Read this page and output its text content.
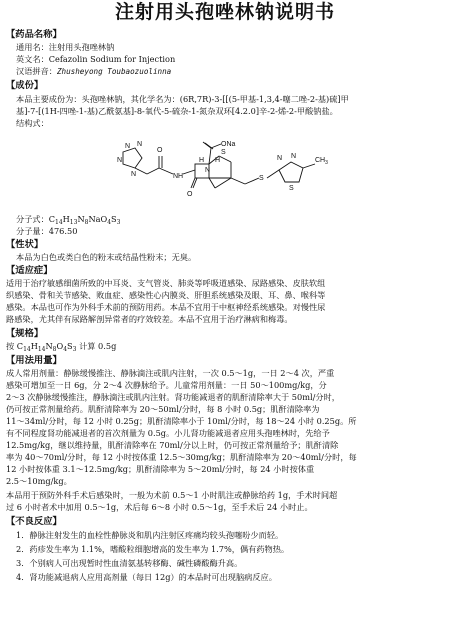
注射用头孢唑林钠说明书
【药品名称】
通用名：注射用头孢唑林钠
英文名：Cefazolin Sodium for Injection
汉语拼音：Zhusheyong Toubaozuolinna
【成份】
本品主要成份为：头孢唑林钠，其化学名为：(6R,7R)-3-[[(5-甲基-1,3,4-噻二唑-2-基)硫]甲
基]-7-[(1H-四唑-1-基)乙酰氨基]-8-氧代-5-硫杂-1-氮杂双环[4.2.0]辛-2-烯-2-甲酸钠盐。
结构式：
N N
N
N
O
NH
O
N
H H
S
ONa
S
N N
S
$CH_3$
分子式：$C_{14}H_{13}N_8NaO_4S_3$
分子量：476.50
【性状】
本品为白色或类白色的粉末或结晶性粉末；无臭。
【适应症】
适用于治疗敏感细菌所致的中耳炎、支气管炎、肺炎等呼吸道感染、尿路感染、皮肤软组
织感染、骨和关节感染、败血症、感染性心内膜炎、肝胆系统感染及眼、耳、鼻、喉科等
感染。本品也可作为外科手术前的预防用药。本品不宜用于中枢神经系统感染。对慢性尿
路感染，尤其伴有尿路解剖异常者的疗效较差。本品不宜用于治疗淋病和梅毒。
【规格】
按 $C_{14}H_{14}N_8O_4S_3$ 计算 0.5g
【用法用量】
成人常用剂量：静脉缓慢推注、静脉滴注或肌内注射，一次 0.5～1g，一日 2～4 次，严重
感染可增加至一日 6g，分 2～4 次静脉给予。儿童常用剂量：一日 50～100mg/kg，分
2～3 次静脉缓慢推注，静脉滴注或肌内注射。肾功能减退者的肌酐清除率大于 50ml/分时，
仍可按正常剂量给药。肌酐清除率为 20～50ml/分时，每 8 小时 0.5g；肌酐清除率为
11～34ml/分时，每 12 小时 0.25g；肌酐清除率小于 10ml/分时，每 18～24 小时 0.25g。所
有不同程度肾功能减退者的首次剂量为 0.5g。小儿肾功能减退者应用头孢唑林时，先给予
12.5mg/kg，继以维持量，肌酐清除率在 70ml/分以上时，仍可按正常剂量给予；肌酐清除
率为 40～70ml/分时，每 12 小时按体重 12.5～30mg/kg；肌酐清除率为 20～40ml/分时，每
12 小时按体重 3.1～12.5mg/kg；肌酐清除率为 5～20ml/分时，每 24 小时按体重
2.5～10mg/kg。
本品用于预防外科手术后感染时，一般为术前 0.5～1 小时肌注或静脉给药 1g，手术时间超
过 6 小时者术中加用 0.5～1g，术后每 6～8 小时 0.5～1g，至手术后 24 小时止。
【不良反应】
1．静脉注射发生的血栓性静脉炎和肌内注射区疼痛均较头孢噻吩少而轻。
2．药疹发生率为 1.1%，嗜酸粒细胞增高的发生率为 1.7%，偶有药物热。
3．个别病人可出现暂时性血清氨基转移酶、碱性磷酸酶升高。
4．肾功能减退病人应用高剂量（每日 12g）的本品时可出现脑病反应。
